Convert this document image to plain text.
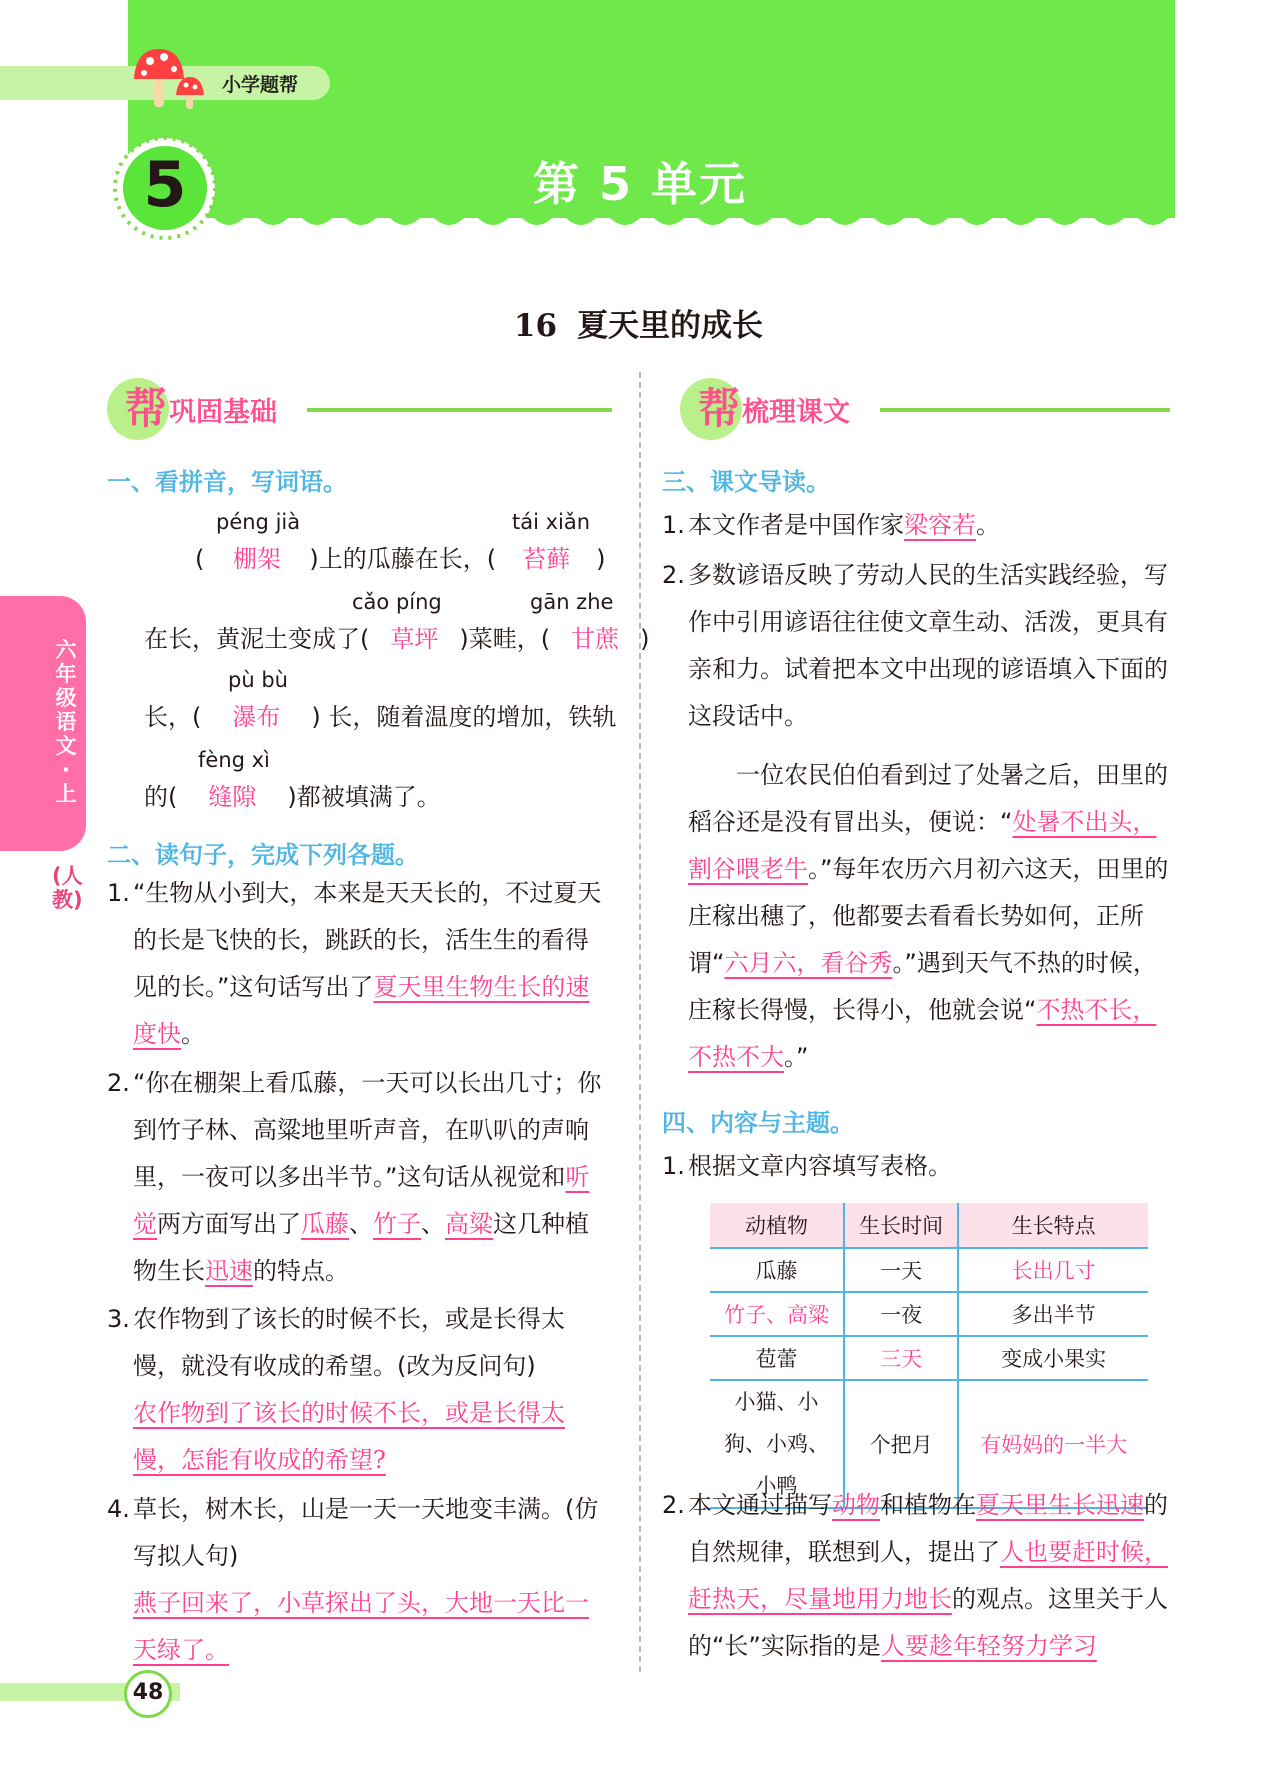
小学题帮
5	第 5 单元
16 夏天里的成长
六年级语文·上
(人教)
帮 巩固基础
一、看拼音，写词语。
péng jià	tái xiǎn
( 棚架 )上的瓜藤在长，( 苔藓 )
cǎo píng	gān zhe
在长，黄泥土变成了( 草坪 )菜畦，( 甘蔗 )
pù bù
长，( 瀑布 ) 长，随着温度的增加，铁轨
fèng xì
的( 缝隙 )都被填满了。
二、读句子，完成下列各题。
1. “生物从小到大，本来是天天长的，不过夏天的长是飞快的长，跳跃的长，活生生的看得见的长。”这句话写出了夏天里生物生长的速度快。
2. “你在棚架上看瓜藤，一天可以长出几寸；你到竹子林、高粱地里听声音，在叭叭的声响里，一夜可以多出半节。”这句话从视觉和听觉两方面写出了瓜藤、竹子、高粱这几种植物生长迅速的特点。
3. 农作物到了该长的时候不长，或是长得太慢，就没有收成的希望。(改为反问句)
农作物到了该长的时候不长，或是长得太慢，怎能有收成的希望?
4. 草长，树木长，山是一天一天地变丰满。(仿写拟人句)
燕子回来了，小草探出了头，大地一天比一天绿了。
帮 梳理课文
三、课文导读。
1. 本文作者是中国作家梁容若。
2. 多数谚语反映了劳动人民的生活实践经验，写作中引用谚语往往使文章生动、活泼，更具有亲和力。试着把本文中出现的谚语填入下面的这段话中。
一位农民伯伯看到过了处暑之后，田里的稻谷还是没有冒出头，便说：“处暑不出头，割谷喂老牛。”每年农历六月初六这天，田里的庄稼出穗了，他都要去看看长势如何，正所谓“六月六，看谷秀。”遇到天气不热的时候，庄稼长得慢，长得小，他就会说“不热不长，不热不大。”
四、内容与主题。
1. 根据文章内容填写表格。
动植物	生长时间	生长特点
瓜藤	一天	长出几寸
竹子、高粱	一夜	多出半节
苞蕾	三天	变成小果实
小猫、小狗、小鸡、小鸭	个把月	有妈妈的一半大
2. 本文通过描写动物和植物在夏天里生长迅速的自然规律，联想到人，提出了人也要赶时候，赶热天，尽量地用力地长的观点。这里关于人的“长”实际指的是人要趁年轻努力学习
48
